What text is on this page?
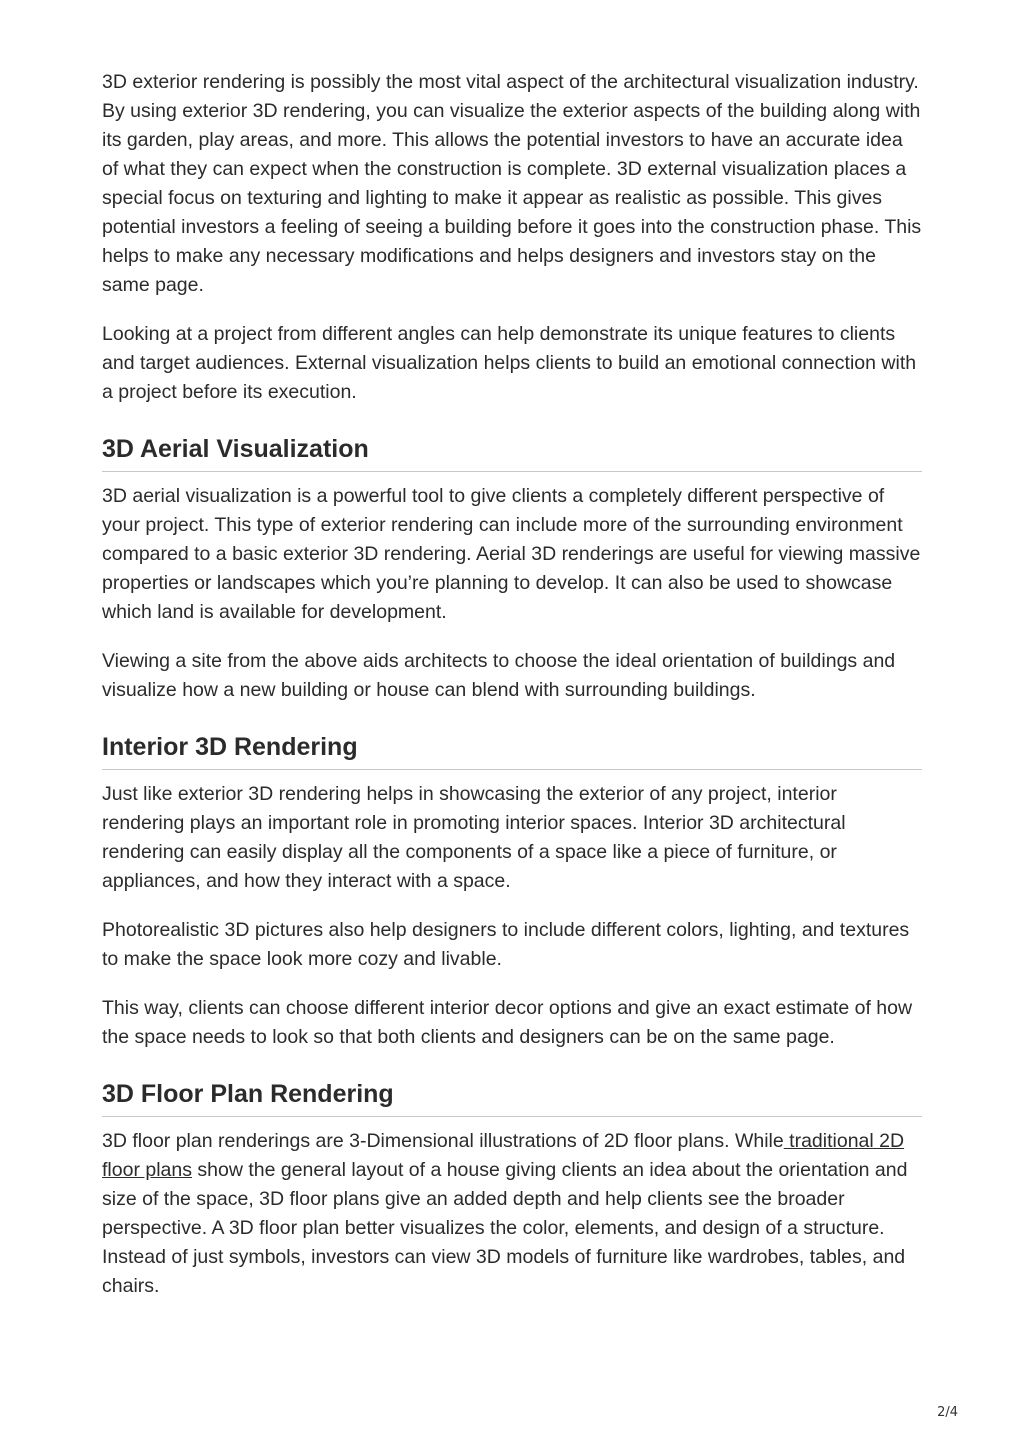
3D exterior rendering is possibly the most vital aspect of the architectural visualization industry. By using exterior 3D rendering, you can visualize the exterior aspects of the building along with its garden, play areas, and more. This allows the potential investors to have an accurate idea of what they can expect when the construction is complete. 3D external visualization places a special focus on texturing and lighting to make it appear as realistic as possible. This gives potential investors a feeling of seeing a building before it goes into the construction phase. This helps to make any necessary modifications and helps designers and investors stay on the same page.

Looking at a project from different angles can help demonstrate its unique features to clients and target audiences. External visualization helps clients to build an emotional connection with a project before its execution.

3D Aerial Visualization

3D aerial visualization is a powerful tool to give clients a completely different perspective of your project. This type of exterior rendering can include more of the surrounding environment compared to a basic exterior 3D rendering. Aerial 3D renderings are useful for viewing massive properties or landscapes which you’re planning to develop. It can also be used to showcase which land is available for development.

Viewing a site from the above aids architects to choose the ideal orientation of buildings and visualize how a new building or house can blend with surrounding buildings.

Interior 3D Rendering

Just like exterior 3D rendering helps in showcasing the exterior of any project, interior rendering plays an important role in promoting interior spaces. Interior 3D architectural rendering can easily display all the components of a space like a piece of furniture, or appliances, and how they interact with a space.

Photorealistic 3D pictures also help designers to include different colors, lighting, and textures to make the space look more cozy and livable.

This way, clients can choose different interior decor options and give an exact estimate of how the space needs to look so that both clients and designers can be on the same page.

3D Floor Plan Rendering

3D floor plan renderings are 3-Dimensional illustrations of 2D floor plans. While traditional 2D floor plans show the general layout of a house giving clients an idea about the orientation and size of the space, 3D floor plans give an added depth and help clients see the broader perspective. A 3D floor plan better visualizes the color, elements, and design of a structure. Instead of just symbols, investors can view 3D models of furniture like wardrobes, tables, and chairs.

2/4
